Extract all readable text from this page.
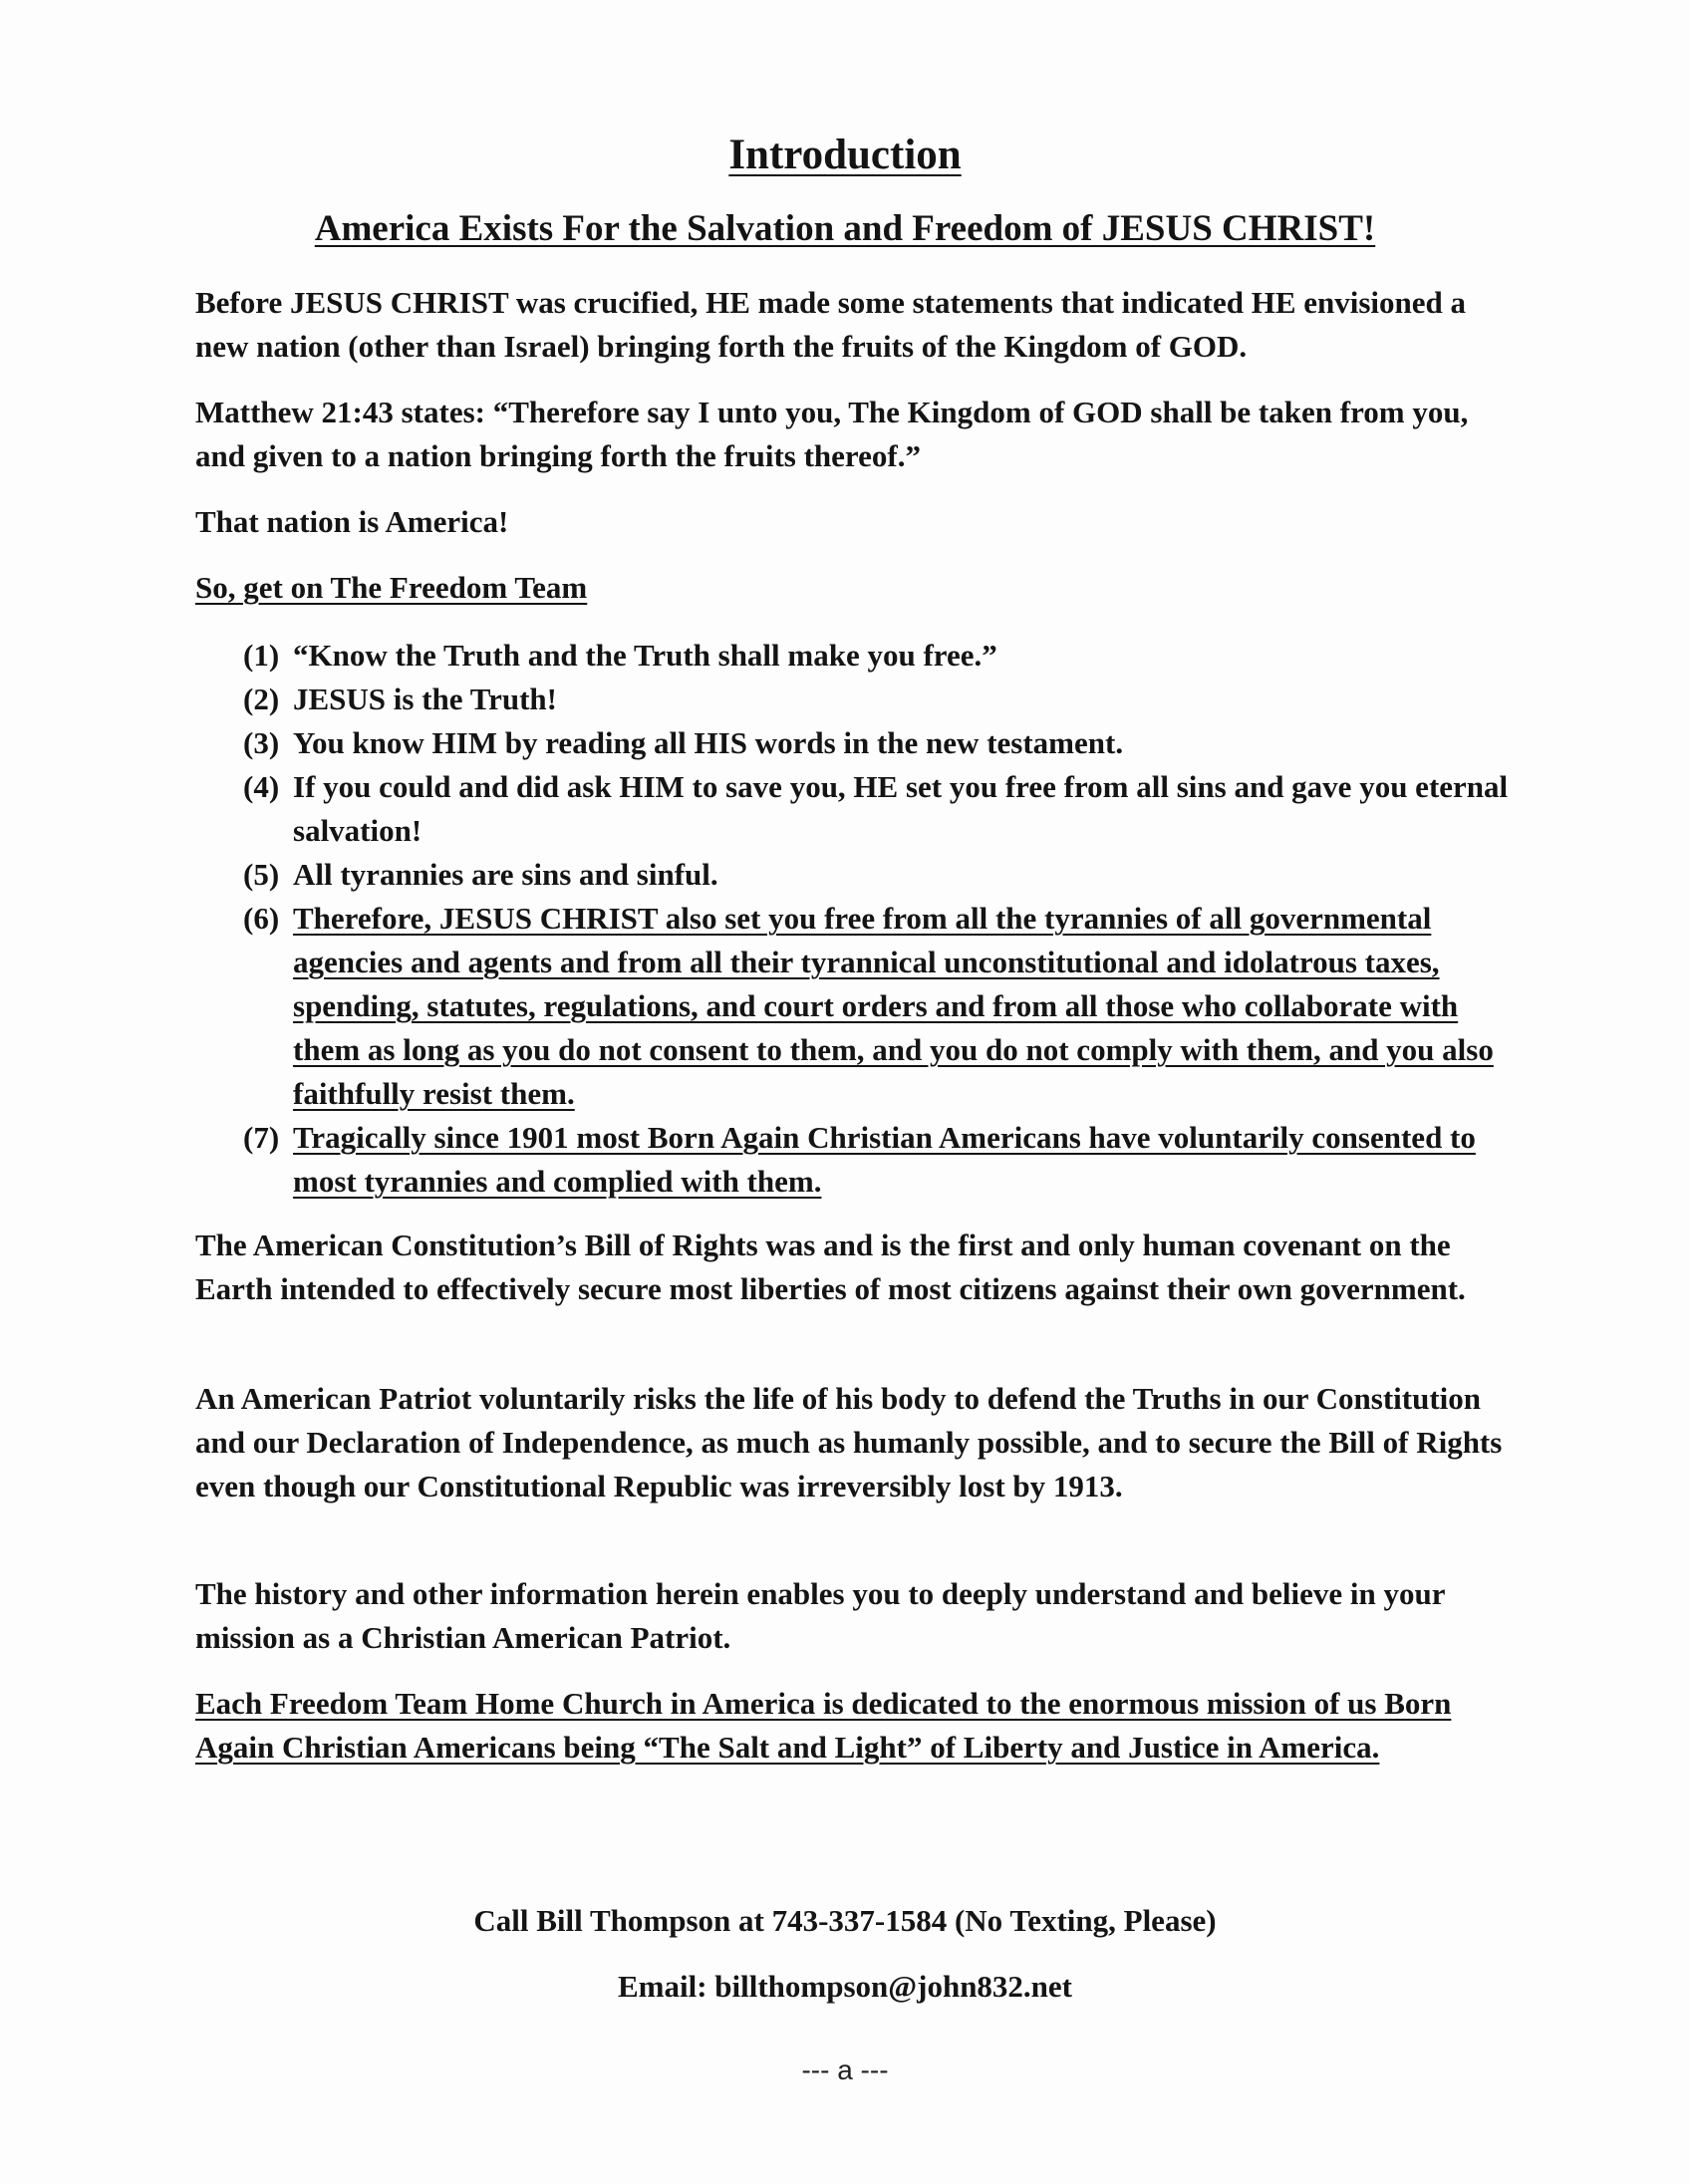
Introduction
America Exists For the Salvation and Freedom of JESUS CHRIST!

Before JESUS CHRIST was crucified, HE made some statements that indicated HE envisioned a new nation (other than Israel) bringing forth the fruits of the Kingdom of GOD.

Matthew 21:43 states: “Therefore say I unto you, The Kingdom of GOD shall be taken from you, and given to a nation bringing forth the fruits thereof.”

That nation is America!

So, get on The Freedom Team

(1) “Know the Truth and the Truth shall make you free.”
(2) JESUS is the Truth!
(3) You know HIM by reading all HIS words in the new testament.
(4) If you could and did ask HIM to save you, HE set you free from all sins and gave you eternal salvation!
(5) All tyrannies are sins and sinful.
(6) Therefore, JESUS CHRIST also set you free from all the tyrannies of all governmental agencies and agents and from all their tyrannical unconstitutional and idolatrous taxes, spending, statutes, regulations, and court orders and from all those who collaborate with them as long as you do not consent to them, and you do not comply with them, and you also faithfully resist them.
(7) Tragically since 1901 most Born Again Christian Americans have voluntarily consented to most tyrannies and complied with them.

The American Constitution’s Bill of Rights was and is the first and only human covenant on the Earth intended to effectively secure most liberties of most citizens against their own government.

An American Patriot voluntarily risks the life of his body to defend the Truths in our Constitution and our Declaration of Independence, as much as humanly possible, and to secure the Bill of Rights even though our Constitutional Republic was irreversibly lost by 1913.

The history and other information herein enables you to deeply understand and believe in your mission as a Christian American Patriot.

Each Freedom Team Home Church in America is dedicated to the enormous mission of us Born Again Christian Americans being “The Salt and Light” of Liberty and Justice in America.

Call Bill Thompson at 743-337-1584 (No Texting, Please)
Email: billthompson@john832.net
--- a ---
